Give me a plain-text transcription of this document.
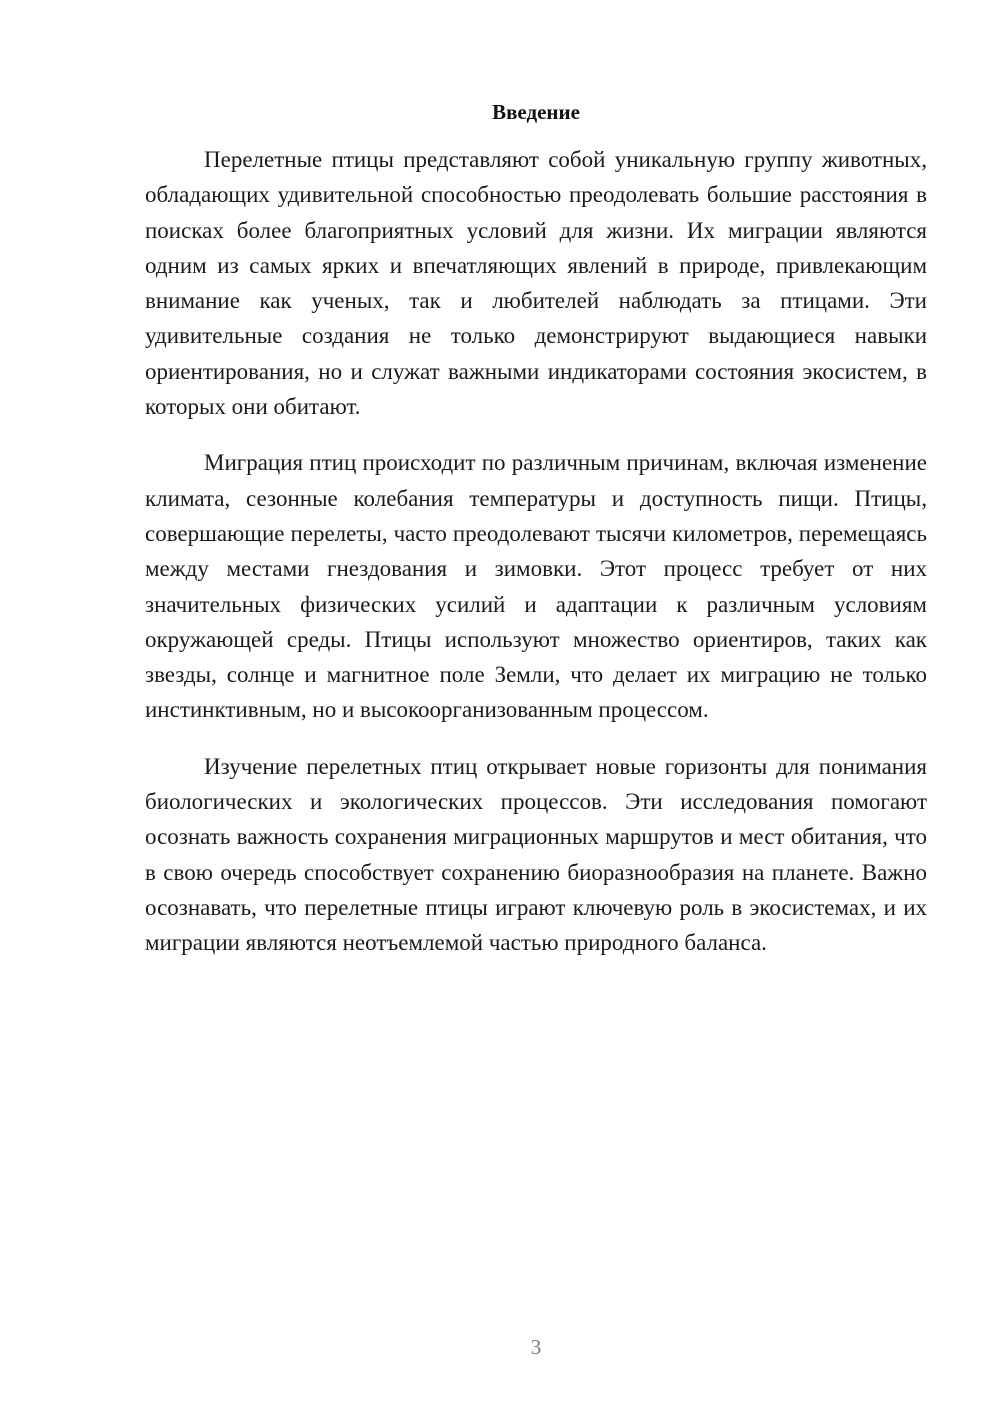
Введение

Перелетные птицы представляют собой уникальную группу животных, обладающих удивительной способностью преодолевать большие расстояния в поисках более благоприятных условий для жизни. Их миграции являются одним из самых ярких и впечатляющих явлений в природе, привлекающим внимание как ученых, так и любителей наблюдать за птицами. Эти удивительные создания не только демонстрируют выдающиеся навыки ориентирования, но и служат важными индикаторами состояния экосистем, в которых они обитают.

Миграция птиц происходит по различным причинам, включая изменение климата, сезонные колебания температуры и доступность пищи. Птицы, совершающие перелеты, часто преодолевают тысячи километров, перемещаясь между местами гнездования и зимовки. Этот процесс требует от них значительных физических усилий и адаптации к различным условиям окружающей среды. Птицы используют множество ориентиров, таких как звезды, солнце и магнитное поле Земли, что делает их миграцию не только инстинктивным, но и высокоорганизованным процессом.

Изучение перелетных птиц открывает новые горизонты для понимания биологических и экологических процессов. Эти исследования помогают осознать важность сохранения миграционных маршрутов и мест обитания, что в свою очередь способствует сохранению биоразнообразия на планете. Важно осознавать, что перелетные птицы играют ключевую роль в экосистемах, и их миграции являются неотъемлемой частью природного баланса.

3
